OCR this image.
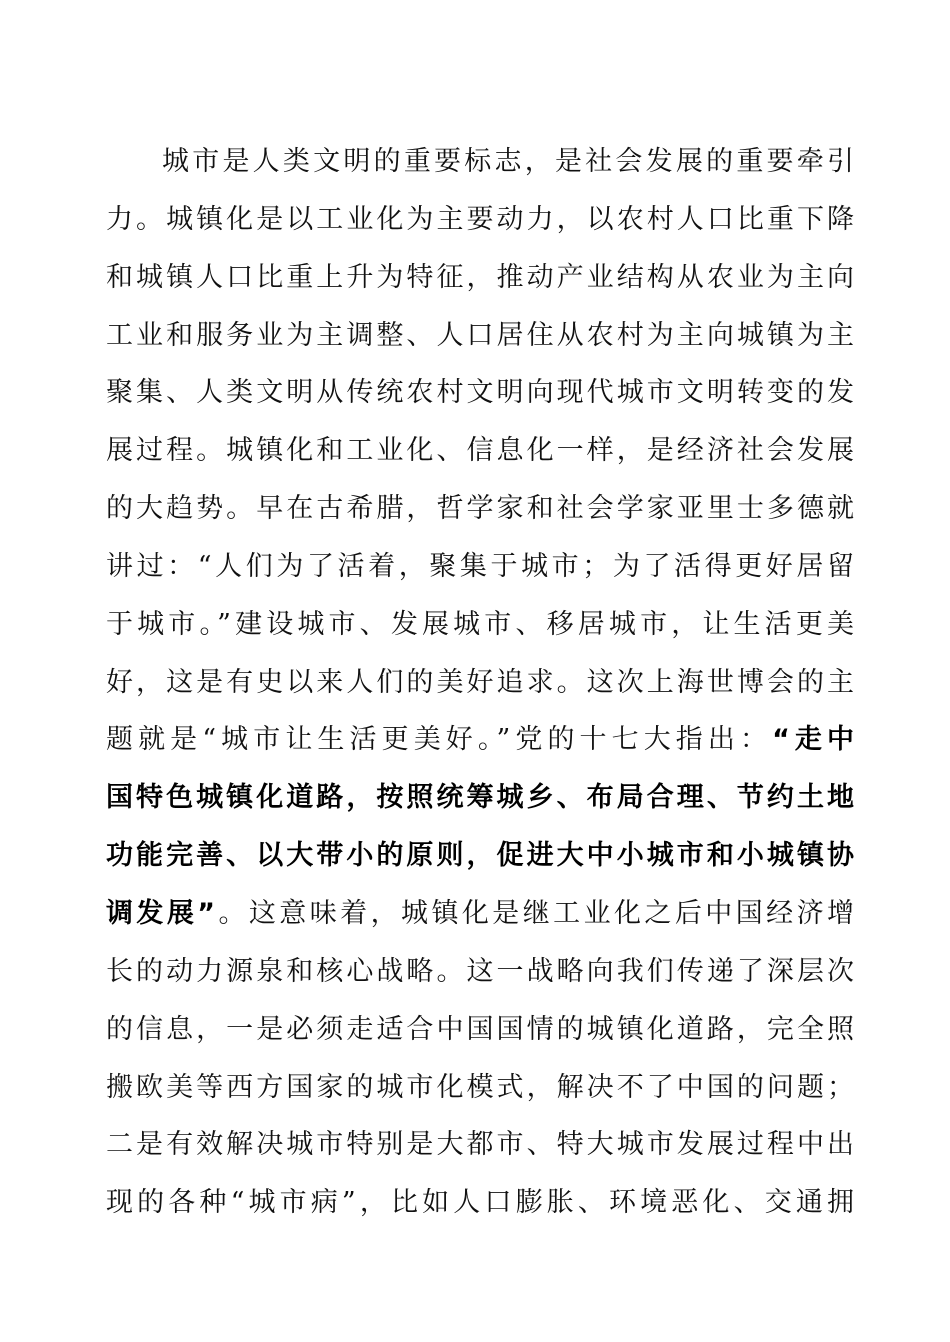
城市是人类文明的重要标志，是社会发展的重要牵引
力。城镇化是以工业化为主要动力，以农村人口比重下降
和城镇人口比重上升为特征，推动产业结构从农业为主向
工业和服务业为主调整、人口居住从农村为主向城镇为主
聚集、人类文明从传统农村文明向现代城市文明转变的发
展过程。城镇化和工业化、信息化一样，是经济社会发展
的大趋势。早在古希腊，哲学家和社会学家亚里士多德就
讲过：“人们为了活着，聚集于城市；为了活得更好居留
于城市。”建设城市、发展城市、移居城市，让生活更美
好，这是有史以来人们的美好追求。这次上海世博会的主
题就是“城市让生活更美好。”党的十七大指出：“走中
国特色城镇化道路，按照统筹城乡、布局合理、节约土地
功能完善、以大带小的原则，促进大中小城市和小城镇协
调发展”。这意味着，城镇化是继工业化之后中国经济增
长的动力源泉和核心战略。这一战略向我们传递了深层次
的信息，一是必须走适合中国国情的城镇化道路，完全照
搬欧美等西方国家的城市化模式，解决不了中国的问题；
二是有效解决城市特别是大都市、特大城市发展过程中出
现的各种“城市病”，比如人口膨胀、环境恶化、交通拥
